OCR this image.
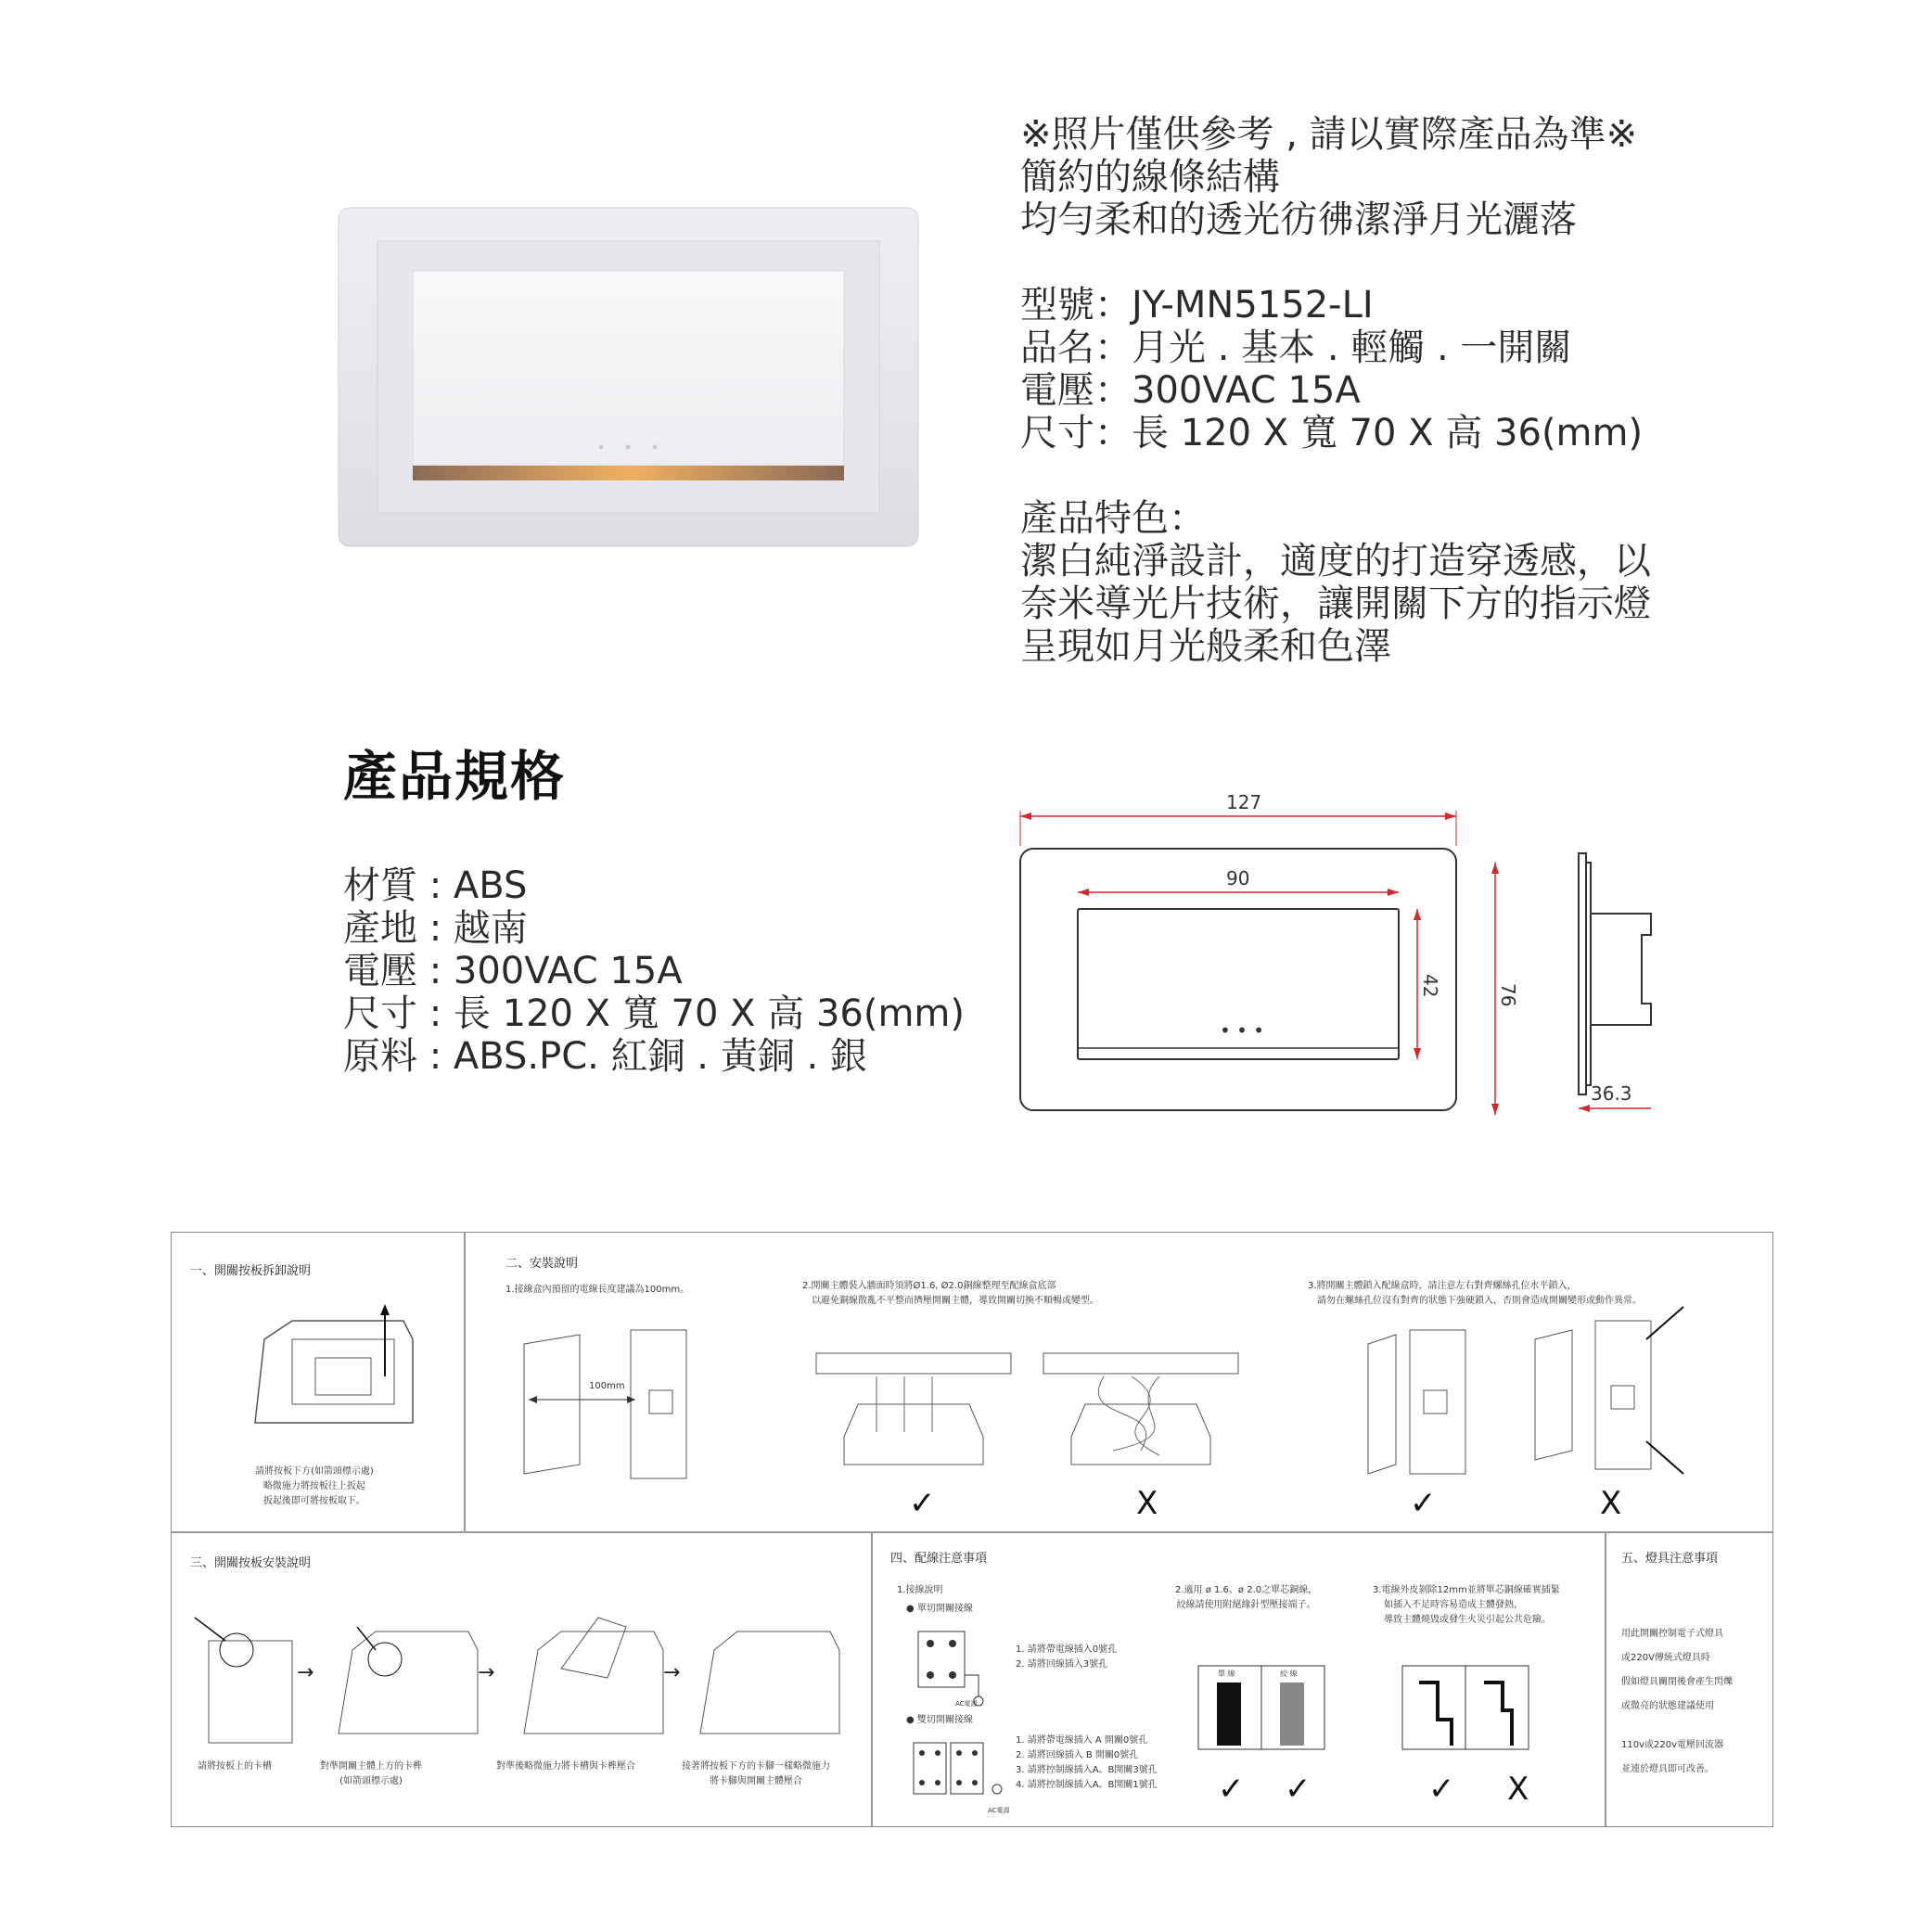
※照片僅供參考 , 請以實際產品為準※

簡約的線條結構

均勻柔和的透光彷彿潔淨月光灑落

型號：JY-MN5152-LI

品名：月光 . 基本 . 輕觸 . 一開關

電壓：300VAC 15A

尺寸：長 120 X 寬 70 X 高 36(mm)

產品特色：

潔白純淨設計，適度的打造穿透感，以

奈米導光片技術，讓開關下方的指示燈

呈現如月光般柔和色澤

產品規格

材質 : ABS

產地 : 越南

電壓 : 300VAC 15A

尺寸 : 長 120 X 寬 70 X 高 36(mm)

原料 : ABS.PC. 紅銅 . 黃銅 . 銀

• • •
127
90
42	76
36.3
一、開關按板拆卸說明
請將按板下方(如箭頭標示處)
略微施力將按板往上扳起
扳起後即可將按板取下。
二、安裝說明
1.接線盒內預留的電線長度建議為100mm。	2.開關主體裝入牆面時須將Ø1.6, Ø2.0銅線整理至配線盒底部
以避免銅線散亂不平整而擠壓開關主體，導致開關切換不順暢或變型。
3.將開關主體鎖入配線盒時，請注意左右對齊螺絲孔位水平鎖入，
請勿在螺絲孔位沒有對齊的狀態下強硬鎖入，否則會造成開關變形或動作異常。
100mm
✓	X	✓	X
三、開關按板安裝說明
→	→	→
請將按板上的卡槽	對準開關主體上方的卡榫
(如箭頭標示處)
對準後略微施力將卡槽與卡榫壓合	接著將按板下方的卡腳一樣略微施力
將卡腳與開關主體壓合
四、配線注意事項
1.接線說明
● 單切開關接線
AC電源
1. 請將帶電線插入0號孔
2. 請將回線插入3號孔
● 雙切開關接線
AC電源
1. 請將帶電線插入 A 開關0號孔
2. 請將回線插入 B 開關0號孔
3. 請將控制線插入A、B開關3號孔
4. 請將控制線插入A、B開關1號孔
2.適用 ø 1.6、ø 2.0之單芯銅線，
絞線請使用附絕緣針型壓接端子。
單 線	絞 線
✓ ✓
3.電線外皮剝除12mm並將單芯銅線確實插緊
如插入不足時容易造成主體發熱，
導致主體燒毀或發生火災引起公共危險。
✓ X
五、燈具注意事項
用此開關控制電子式燈具
或220V傳統式燈具時
假如燈具關閉後會產生閃爍
或微亮的狀態建議使用
110v或220v電壓回流器
並連於燈具即可改善。
